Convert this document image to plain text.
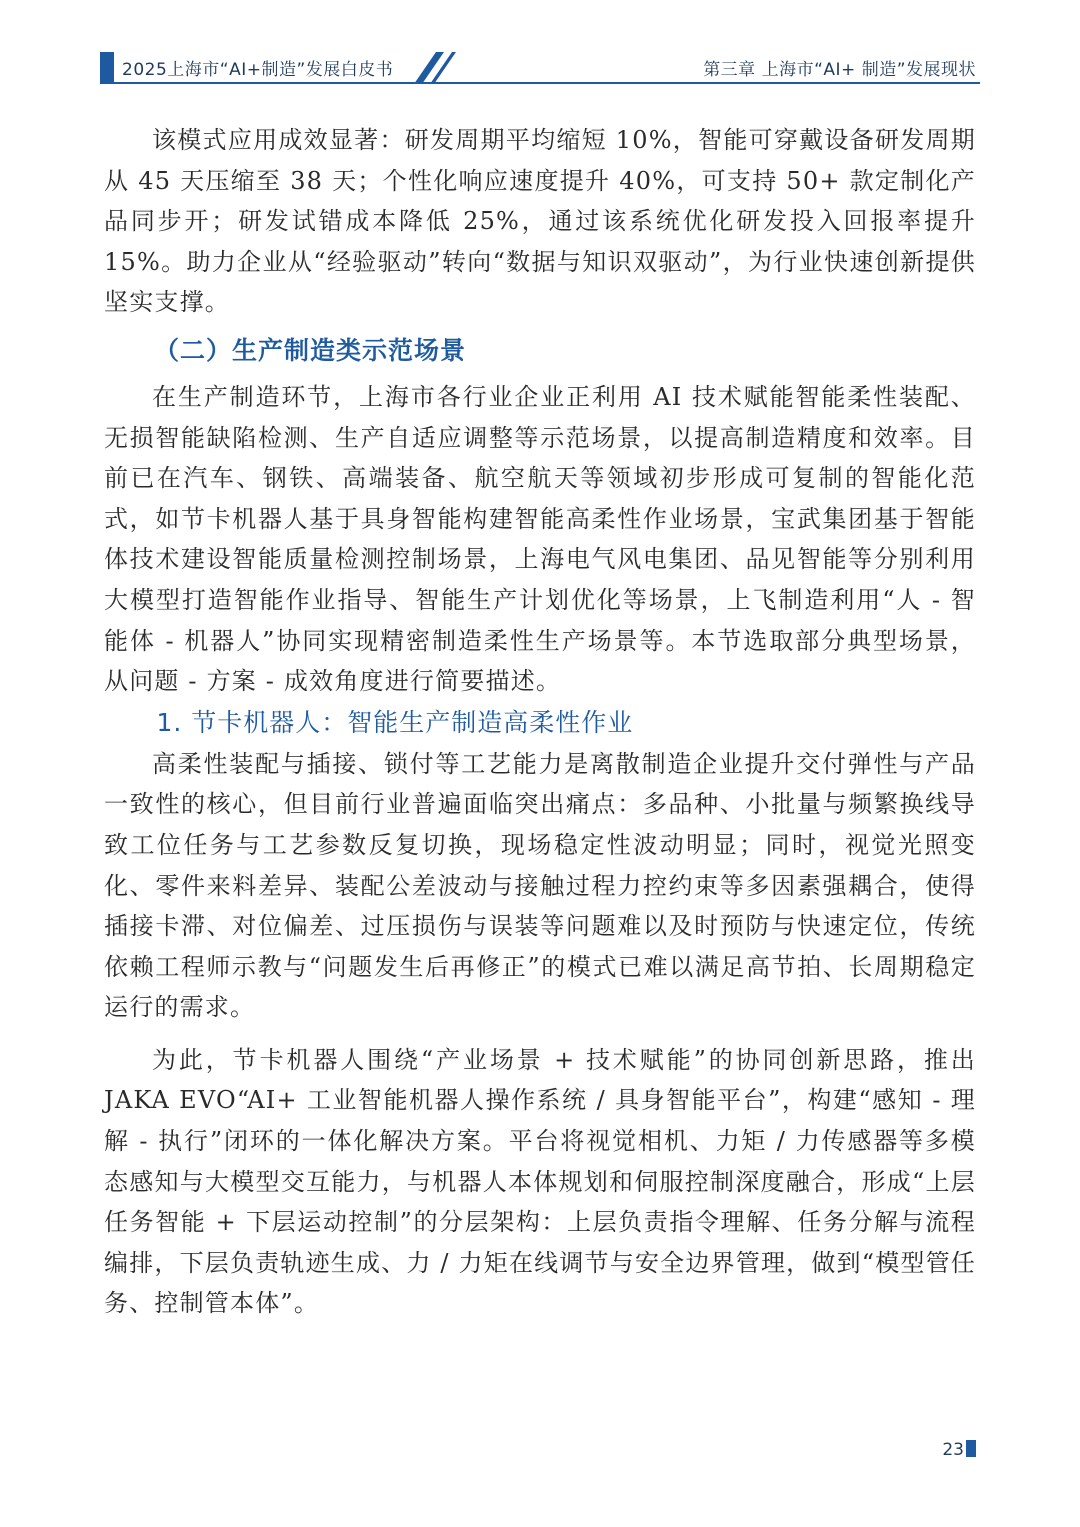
2025上海市“AI+制造”发展白皮书	第三章 上海市“AI+ 制造”发展现状

该模式应用成效显著：研发周期平均缩短 10%，智能可穿戴设备研发周期从 45 天压缩至 38 天；个性化响应速度提升 40%，可支持 50+ 款定制化产品同步开；研发试错成本降低 25%，通过该系统优化研发投入回报率提升 15%。助力企业从“经验驱动”转向“数据与知识双驱动”，为行业快速创新提供坚实支撑。

（二）生产制造类示范场景

在生产制造环节，上海市各行业企业正利用 AI 技术赋能智能柔性装配、无损智能缺陷检测、生产自适应调整等示范场景，以提高制造精度和效率。目前已在汽车、钢铁、高端装备、航空航天等领域初步形成可复制的智能化范式，如节卡机器人基于具身智能构建智能高柔性作业场景，宝武集团基于智能体技术建设智能质量检测控制场景，上海电气风电集团、品见智能等分别利用大模型打造智能作业指导、智能生产计划优化等场景，上飞制造利用“人 - 智能体 - 机器人”协同实现精密制造柔性生产场景等。本节选取部分典型场景，从问题 - 方案 - 成效角度进行简要描述。

1. 节卡机器人：智能生产制造高柔性作业

高柔性装配与插接、锁付等工艺能力是离散制造企业提升交付弹性与产品一致性的核心，但目前行业普遍面临突出痛点：多品种、小批量与频繁换线导致工位任务与工艺参数反复切换，现场稳定性波动明显；同时，视觉光照变化、零件来料差异、装配公差波动与接触过程力控约束等多因素强耦合，使得插接卡滞、对位偏差、过压损伤与误装等问题难以及时预防与快速定位，传统依赖工程师示教与“问题发生后再修正”的模式已难以满足高节拍、长周期稳定运行的需求。

为此，节卡机器人围绕“产业场景 + 技术赋能”的协同创新思路，推出 JAKA EVO“AI+ 工业智能机器人操作系统 / 具身智能平台”，构建“感知 - 理解 - 执行”闭环的一体化解决方案。平台将视觉相机、力矩 / 力传感器等多模态感知与大模型交互能力，与机器人本体规划和伺服控制深度融合，形成“上层任务智能 + 下层运动控制”的分层架构：上层负责指令理解、任务分解与流程编排，下层负责轨迹生成、力 / 力矩在线调节与安全边界管理，做到“模型管任务、控制管本体”。

23
